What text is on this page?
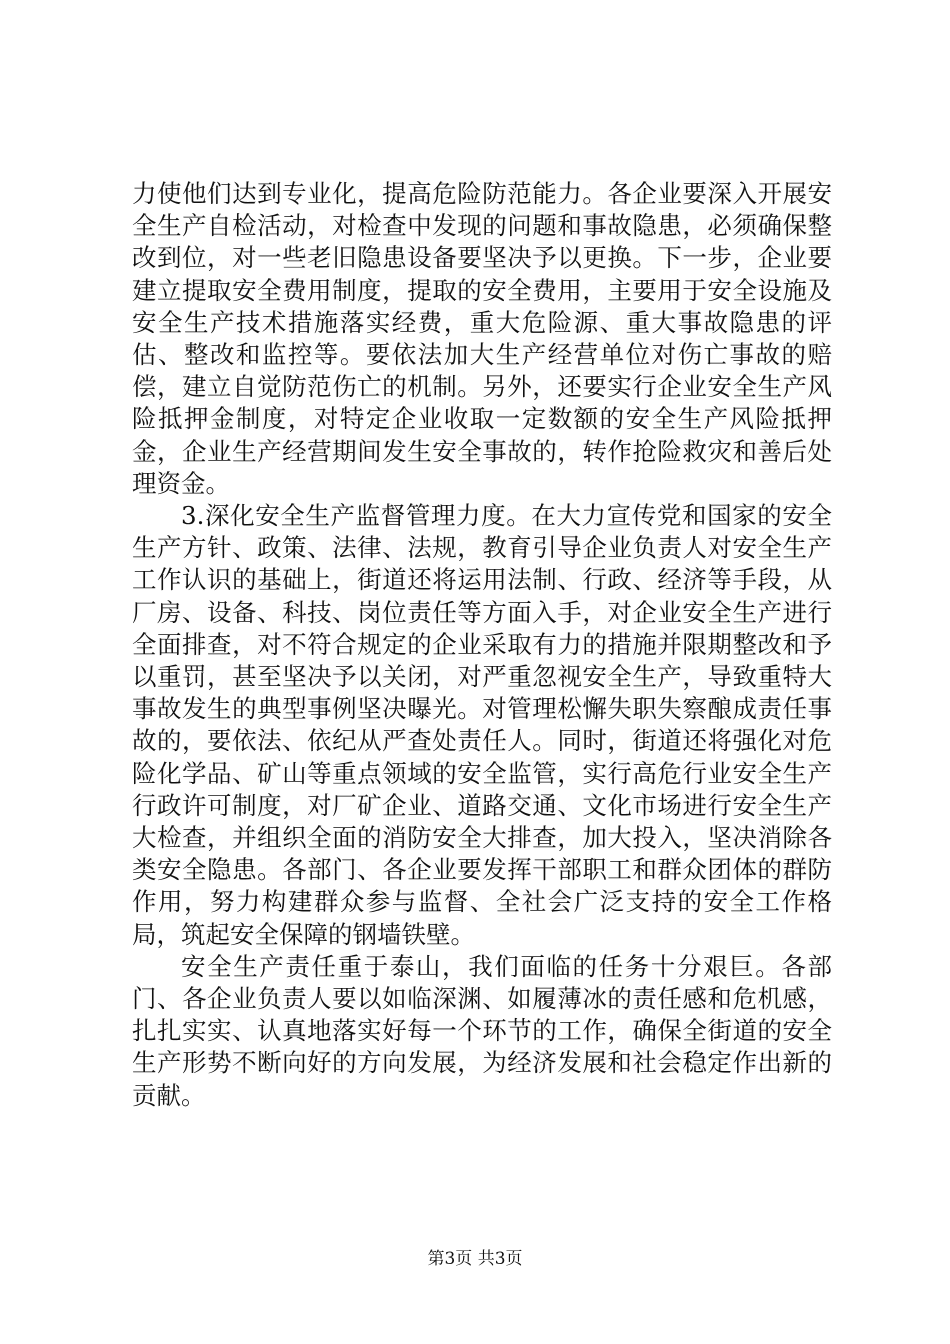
力使他们达到专业化，提高危险防范能力。各企业要深入开展安全生产自检活动，对检查中发现的问题和事故隐患，必须确保整改到位，对一些老旧隐患设备要坚决予以更换。下一步，企业要建立提取安全费用制度，提取的安全费用，主要用于安全设施及安全生产技术措施落实经费，重大危险源、重大事故隐患的评估、整改和监控等。要依法加大生产经营单位对伤亡事故的赔偿，建立自觉防范伤亡的机制。另外，还要实行企业安全生产风险抵押金制度，对特定企业收取一定数额的安全生产风险抵押金，企业生产经营期间发生安全事故的，转作抢险救灾和善后处理资金。

3.深化安全生产监督管理力度。在大力宣传党和国家的安全生产方针、政策、法律、法规，教育引导企业负责人对安全生产工作认识的基础上，街道还将运用法制、行政、经济等手段，从厂房、设备、科技、岗位责任等方面入手，对企业安全生产进行全面排查，对不符合规定的企业采取有力的措施并限期整改和予以重罚，甚至坚决予以关闭，对严重忽视安全生产，导致重特大事故发生的典型事例坚决曝光。对管理松懈失职失察酿成责任事故的，要依法、依纪从严查处责任人。同时，街道还将强化对危险化学品、矿山等重点领域的安全监管，实行高危行业安全生产行政许可制度，对厂矿企业、道路交通、文化市场进行安全生产大检查，并组织全面的消防安全大排查，加大投入，坚决消除各类安全隐患。各部门、各企业要发挥干部职工和群众团体的群防作用，努力构建群众参与监督、全社会广泛支持的安全工作格局，筑起安全保障的钢墙铁壁。

安全生产责任重于泰山，我们面临的任务十分艰巨。各部门、各企业负责人要以如临深渊、如履薄冰的责任感和危机感，扎扎实实、认真地落实好每一个环节的工作，确保全街道的安全生产形势不断向好的方向发展，为经济发展和社会稳定作出新的贡献。

第3页 共3页
